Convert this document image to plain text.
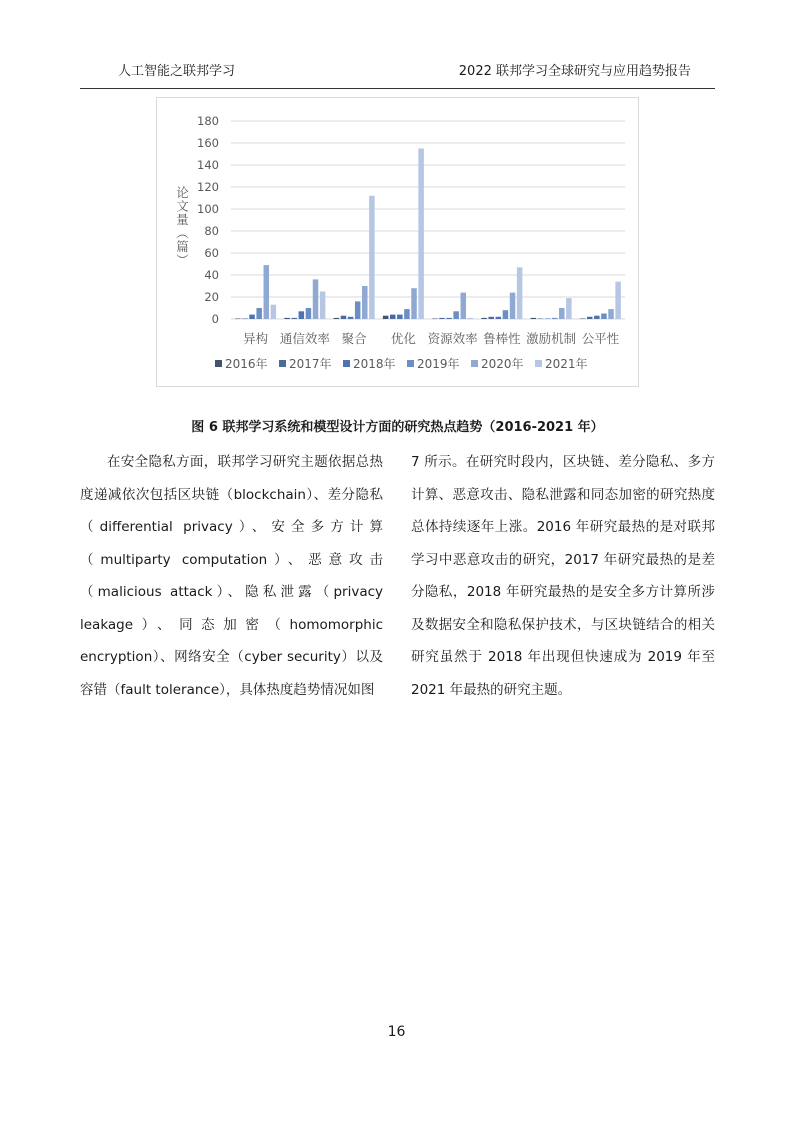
人工智能之联邦学习	2022 联邦学习全球研究与应用趋势报告
0
20
40
60
80
100
120
140
160
180
论文量（篇）
异构 通信效率 聚合 优化 资源效率 鲁棒性 激励机制 公平性
2016年 2017年 2018年 2019年 2020年 2021年
图 6 联邦学习系统和模型设计方面的研究热点趋势（2016-2021 年）

在安全隐私方面，联邦学习研究主题依据总热度递减依次包括区块链（blockchain）、差分隐私（differential privacy）、安全多方计算（multiparty computation）、恶意攻击（malicious attack）、隐私泄露（privacy leakage）、同态加密（homomorphic encryption）、网络安全（cyber security）以及容错（fault tolerance），具体热度趋势情况如图

7 所示。在研究时段内，区块链、差分隐私、多方计算、恶意攻击、隐私泄露和同态加密的研究热度总体持续逐年上涨。2016 年研究最热的是对联邦学习中恶意攻击的研究，2017 年研究最热的是差分隐私，2018 年研究最热的是安全多方计算所涉及数据安全和隐私保护技术，与区块链结合的相关研究虽然于 2018 年出现但快速成为 2019 年至 2021 年最热的研究主题。

16
